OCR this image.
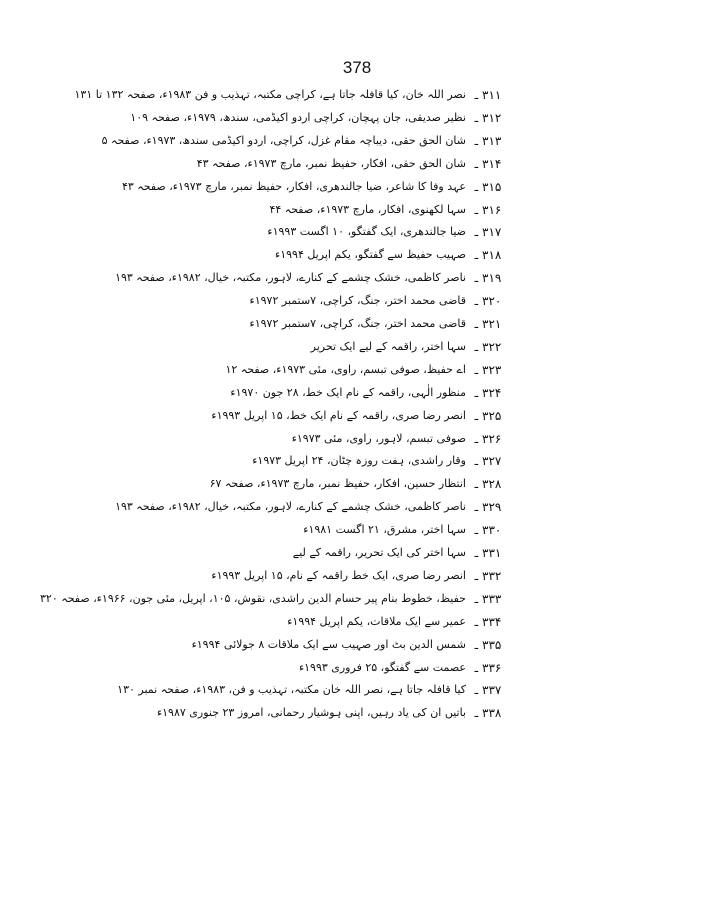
378
۳۱۱ ـ
نصر اللہ خان، کیا قافلہ جاتا ہے، کراچی مکتبہ، تہذیب و فن ۱۹۸۳ء، صفحہ ۱۳۲ تا ۱۳۱
۳۱۲ ـ
نظیر صدیقی، جان پہچان، کراچی اردو اکیڈمی، سندھ، ۱۹۷۹ء، صفحہ ۱۰۹
۳۱۳ ـ
شان الحق حقی، دیباچہ مقام غزل، کراچی، اردو اکیڈمی سندھ، ۱۹۷۳ء، صفحہ ۵
۳۱۴ ـ
شان الحق حقی، افکار، حفیظ نمبر، مارچ ۱۹۷۳ء، صفحہ ۴۳
۳۱۵ ـ
عہد وفا کا شاعر، ضیا جالندھری، افکار، حفیظ نمبر، مارچ ۱۹۷۳ء، صفحہ ۴۳
۳۱۶ ـ
سہا لکھنوی، افکار، مارچ ۱۹۷۳ء، صفحہ ۴۴
۳۱۷ ـ
ضیا جالندھری، ایک گفتگو، ۱۰ اگست ۱۹۹۳ء
۳۱۸ ـ
صہیب حفیظ سے گفتگو، یکم اپریل ۱۹۹۴ء
۳۱۹ ـ
ناصر کاظمی، خشک چشمے کے کنارے، لاہور، مکتبہ، خیال، ۱۹۸۲ء، صفحہ ۱۹۳
۳۲۰ ـ
قاضی محمد اختر، جنگ، کراچی، ۷ستمبر ۱۹۷۲ء
۳۲۱ ـ
قاضی محمد اختر، جنگ، کراچی، ۷ستمبر ۱۹۷۲ء
۳۲۲ ـ
سہا اختر، راقمہ کے لیے ایک تحریر
۳۲۳ ـ
اے حفیظ، صوفی تبسم، راوی، مئی ۱۹۷۳ء، صفحہ ۱۲
۳۲۴ ـ
منظور الٰہی، راقمہ کے نام ایک خط، ۲۸ جون ۱۹۷۰ء
۳۲۵ ـ
انصر رضا صری، راقمہ کے نام ایک خط، ۱۵ اپریل ۱۹۹۳ء
۳۲۶ ـ
صوفی تبسم، لاہور، راوی، مئی ۱۹۷۳ء
۳۲۷ ـ
وقار راشدی، ہفت روزہ چٹان، ۲۴ اپریل ۱۹۷۳ء
۳۲۸ ـ
انتظار حسین، افکار، حفیظ نمبر، مارچ ۱۹۷۳ء، صفحہ ۶۷
۳۲۹ ـ
ناصر کاظمی، خشک چشمے کے کنارے، لاہور، مکتبہ، خیال، ۱۹۸۲ء، صفحہ ۱۹۳
۳۳۰ ـ
سہا اختر، مشرق، ۲۱ اگست ۱۹۸۱ء
۳۳۱ ـ
سہا اختر کی ایک تحریر، راقمہ کے لیے
۳۳۲ ـ
انصر رضا صری، ایک خط راقمہ کے نام، ۱۵ اپریل ۱۹۹۳ء
۳۳۳ ـ
حفیظ، خطوط بنام پیر حسام الدین راشدی، نقوش، ۱۰۵، اپریل، مئی جون، ۱۹۶۶ء، صفحہ ۳۲۰
۳۳۴ ـ
عمیر سے ایک ملاقات، یکم اپریل ۱۹۹۴ء
۳۳۵ ـ
شمس الدین بٹ اور صہیب سے ایک ملاقات ۸ جولائی ۱۹۹۴ء
۳۳۶ ـ
عصمت سے گفتگو، ۲۵ فروری ۱۹۹۳ء
۳۳۷ ـ
کیا قافلہ جاتا ہے، نصر اللہ خان مکتبہ، تہذیب و فن، ۱۹۸۳ء، صفحہ نمبر ۱۳۰
۳۳۸ ـ
باتیں ان کی یاد رہیں، اپنی ہوشیار رحمانی، امروز ۲۳ جنوری ۱۹۸۷ء
